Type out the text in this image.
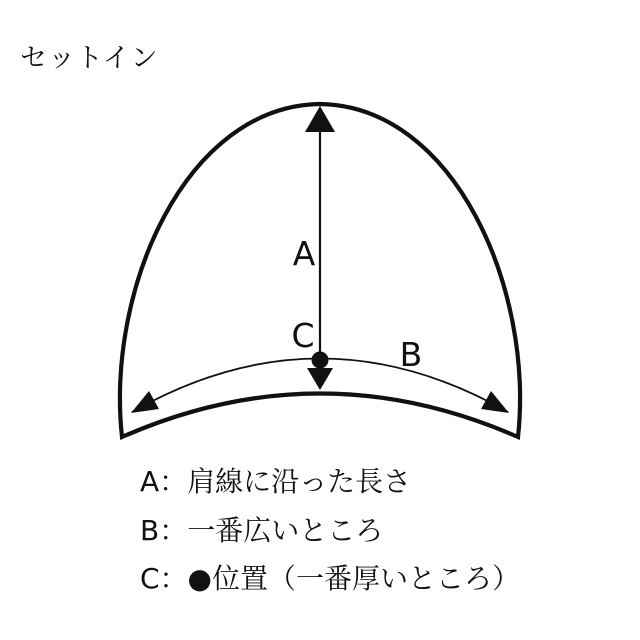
セットイン
A
C	B
A：肩線に沿った長さ
B：一番広いところ
C：●位置（一番厚いところ）
